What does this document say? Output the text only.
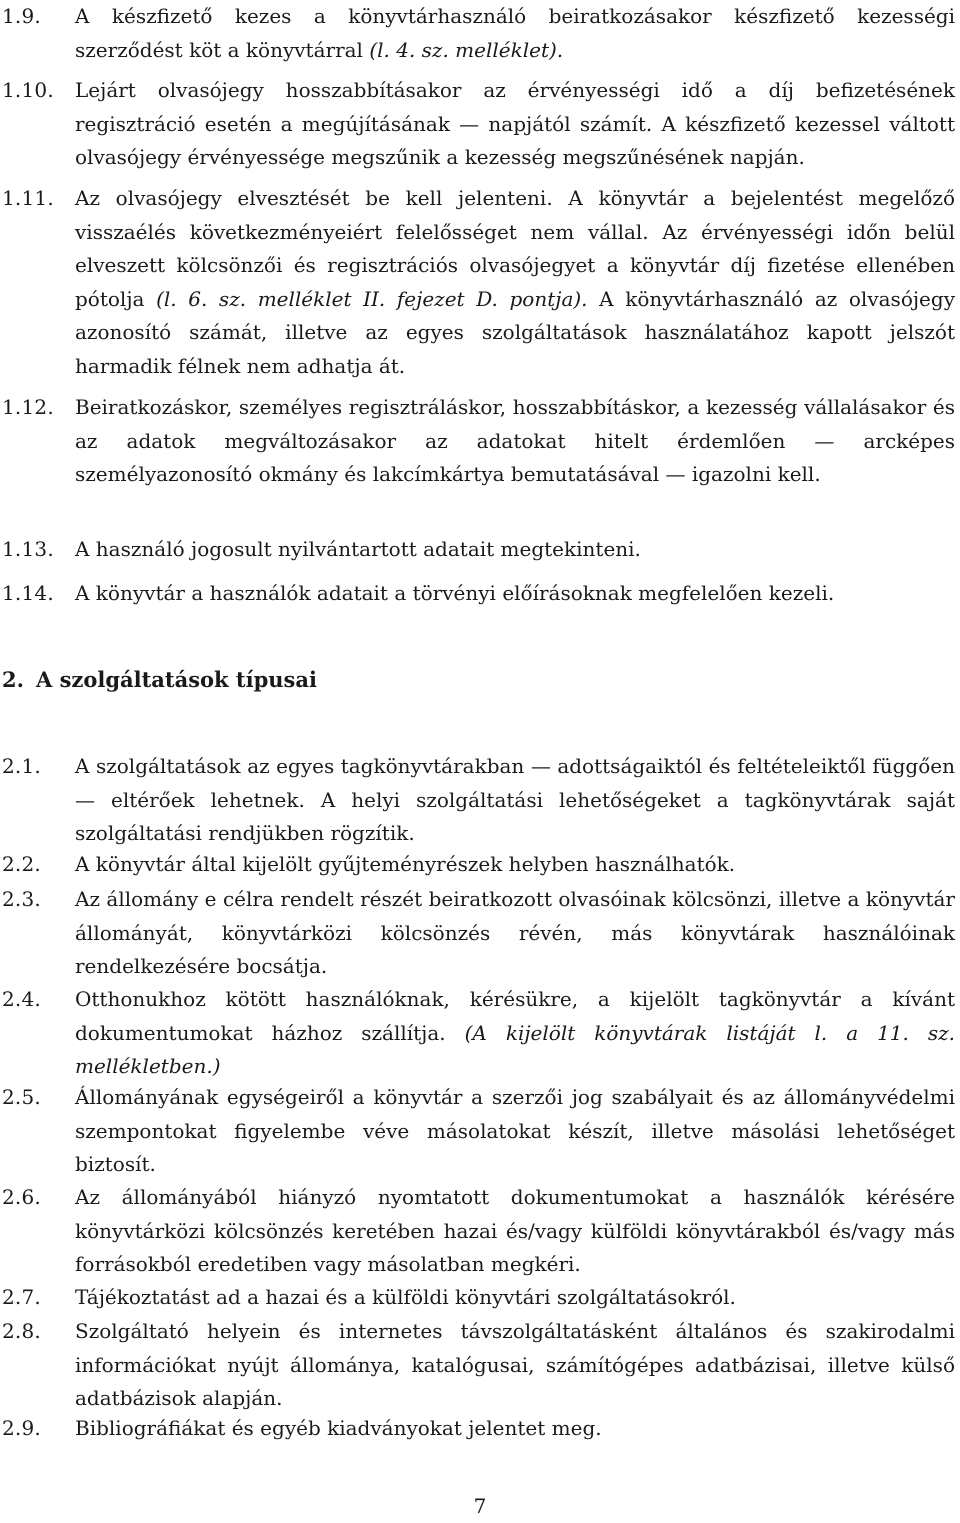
1.9. A készfizető kezes a könyvtárhasználó beiratkozásakor készfizető kezességi szerződést köt a könyvtárral (l. 4. sz. melléklet).
1.10. Lejárt olvasójegy hosszabbításakor az érvényességi idő a díj befizetésének regisztráció esetén a megújításának — napjától számít. A készfizető kezessel váltott olvasójegy érvényessége megszűnik a kezesség megszűnésének napján.
1.11. Az olvasójegy elvesztését be kell jelenteni. A könyvtár a bejelentést megelőző visszaélés következményeiért felelősséget nem vállal. Az érvényességi időn belül elveszett kölcsönzői és regisztrációs olvasójegyet a könyvtár díj fizetése ellenében pótolja (l. 6. sz. melléklet II. fejezet D. pontja). A könyvtárhasználó az olvasójegy azonosító számát, illetve az egyes szolgáltatások használatához kapott jelszót harmadik félnek nem adhatja át.
1.12. Beiratkozáskor, személyes regisztráláskor, hosszabbításkor, a kezesség vállalásakor és az adatok megváltozásakor az adatokat hitelt érdemlően — arcképes személyazonosító okmány és lakcímkártya bemutatásával — igazolni kell.
1.13. A használó jogosult nyilvántartott adatait megtekinteni.
1.14. A könyvtár a használók adatait a törvényi előírásoknak megfelelően kezeli.
2. A szolgáltatások típusai
2.1. A szolgáltatások az egyes tagkönyvtárakban — adottságaiktól és feltételeiktől függően — eltérőek lehetnek. A helyi szolgáltatási lehetőségeket a tagkönyvtárak saját szolgáltatási rendjükben rögzítik.
2.2. A könyvtár által kijelölt gyűjteményrészek helyben használhatók.
2.3. Az állomány e célra rendelt részét beiratkozott olvasóinak kölcsönzi, illetve a könyvtár állományát, könyvtárközi kölcsönzés révén, más könyvtárak használóinak rendelkezésére bocsátja.
2.4. Otthonukhoz kötött használóknak, kérésükre, a kijelölt tagkönyvtár a kívánt dokumentumokat házhoz szállítja. (A kijelölt könyvtárak listáját l. a 11. sz. mellékletben.)
2.5. Állományának egységeiről a könyvtár a szerzői jog szabályait és az állományvédelmi szempontokat figyelembe véve másolatokat készít, illetve másolási lehetőséget biztosít.
2.6. Az állományából hiányzó nyomtatott dokumentumokat a használók kérésére könyvtárközi kölcsönzés keretében hazai és/vagy külföldi könyvtárakból és/vagy más forrásokból eredetiben vagy másolatban megkéri.
2.7. Tájékoztatást ad a hazai és a külföldi könyvtári szolgáltatásokról.
2.8. Szolgáltató helyein és internetes távszolgáltatásként általános és szakirodalmi információkat nyújt állománya, katalógusai, számítógépes adatbázisai, illetve külső adatbázisok alapján.
2.9. Bibliográfiákat és egyéb kiadványokat jelentet meg.
7
